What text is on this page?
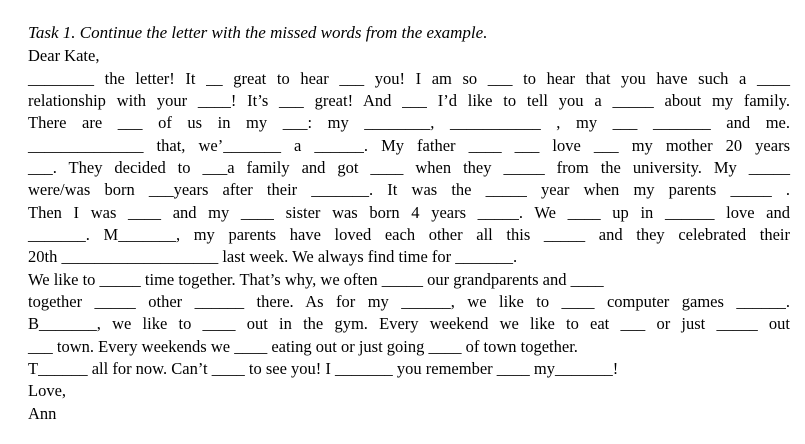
Task 1. Continue the letter with the missed words from the example.
Dear Kate,
________ the letter! It __ great to hear ___ you! I am so ___ to hear that you have such a ____
relationship with your ____! It’s ___ great! And ___ I’d like to tell you a _____ about my family.
There are ___ of us in my ___: my ________, ___________ , my ___ _______ and me.
______________ that, we’_______ a ______. My father ____ ___ love ___ my mother 20 years
___. They decided to ___a family and got ____ when they _____ from the university. My _____
were/was born ___years after their _______. It was the _____ year when my parents _____ .
Then I was ____ and my ____ sister was born 4 years _____. We ____ up in ______ love and
_______. M_______, my parents have loved each other all this _____ and they celebrated their
20th ___________________ last week. We always find time for _______.
We like to _____ time together. That’s why, we often _____ our grandparents and ____
together _____ other ______ there. As for my ______, we like to ____ computer games ______.
B_______, we like to ____ out in the gym. Every weekend we like to eat ___ or just _____ out
___ town. Every weekends we ____ eating out or just going ____ of town together.
T______ all for now. Can’t ____ to see you! I _______ you remember ____ my_______!
Love,
Ann
